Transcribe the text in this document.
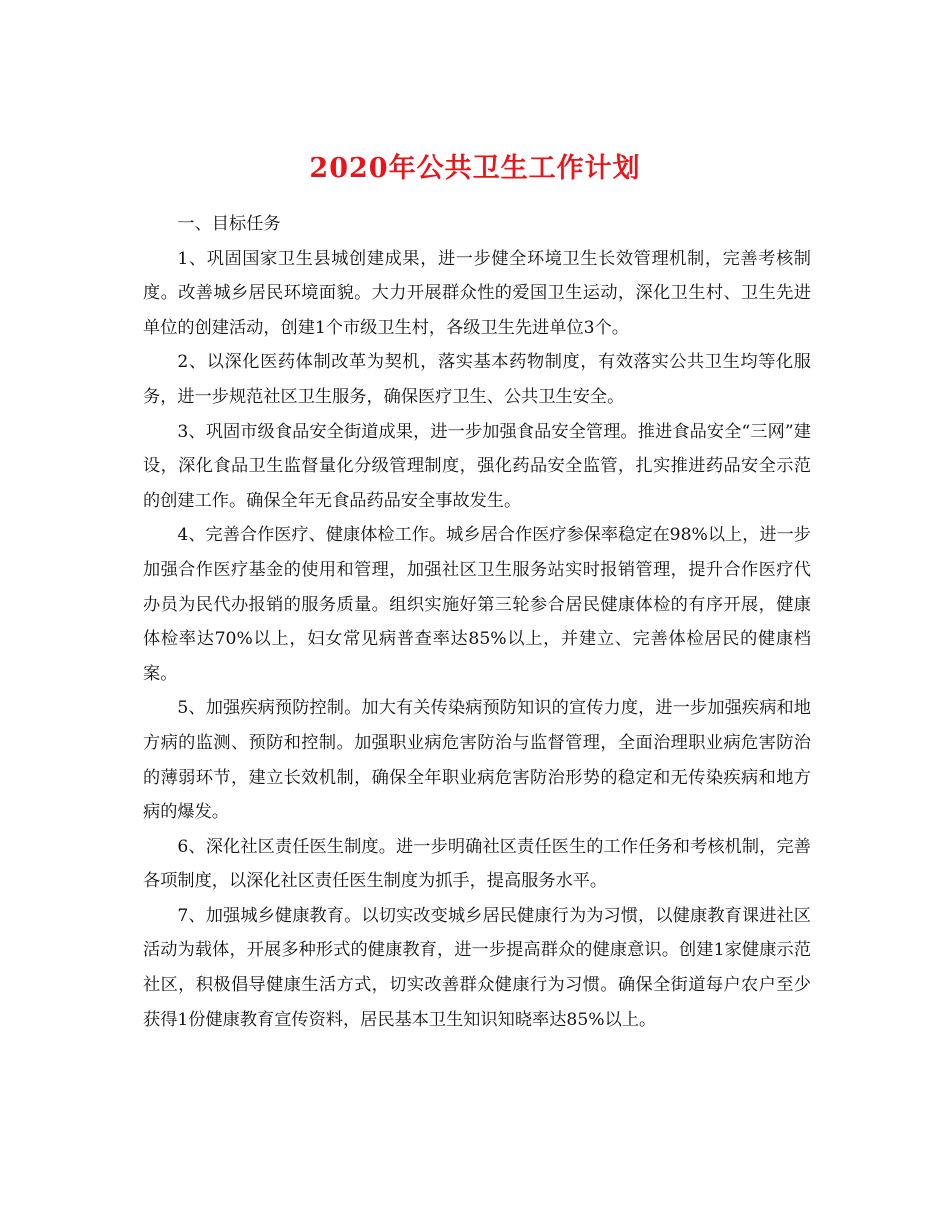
2020年公共卫生工作计划

一、目标任务

1、巩固国家卫生县城创建成果，进一步健全环境卫生长效管理机制，完善考核制度。改善城乡居民环境面貌。大力开展群众性的爱国卫生运动，深化卫生村、卫生先进单位的创建活动，创建1个市级卫生村，各级卫生先进单位3个。

2、以深化医药体制改革为契机，落实基本药物制度，有效落实公共卫生均等化服务，进一步规范社区卫生服务，确保医疗卫生、公共卫生安全。

3、巩固市级食品安全街道成果，进一步加强食品安全管理。推进食品安全“三网”建设，深化食品卫生监督量化分级管理制度，强化药品安全监管，扎实推进药品安全示范的创建工作。确保全年无食品药品安全事故发生。

4、完善合作医疗、健康体检工作。城乡居合作医疗参保率稳定在98%以上，进一步加强合作医疗基金的使用和管理，加强社区卫生服务站实时报销管理，提升合作医疗代办员为民代办报销的服务质量。组织实施好第三轮参合居民健康体检的有序开展，健康体检率达70%以上，妇女常见病普查率达85%以上，并建立、完善体检居民的健康档案。

5、加强疾病预防控制。加大有关传染病预防知识的宣传力度，进一步加强疾病和地方病的监测、预防和控制。加强职业病危害防治与监督管理，全面治理职业病危害防治的薄弱环节，建立长效机制，确保全年职业病危害防治形势的稳定和无传染疾病和地方病的爆发。

6、深化社区责任医生制度。进一步明确社区责任医生的工作任务和考核机制，完善各项制度，以深化社区责任医生制度为抓手，提高服务水平。

7、加强城乡健康教育。以切实改变城乡居民健康行为为习惯，以健康教育课进社区活动为载体，开展多种形式的健康教育，进一步提高群众的健康意识。创建1家健康示范社区，积极倡导健康生活方式，切实改善群众健康行为习惯。确保全街道每户农户至少获得1份健康教育宣传资料，居民基本卫生知识知晓率达85%以上。
